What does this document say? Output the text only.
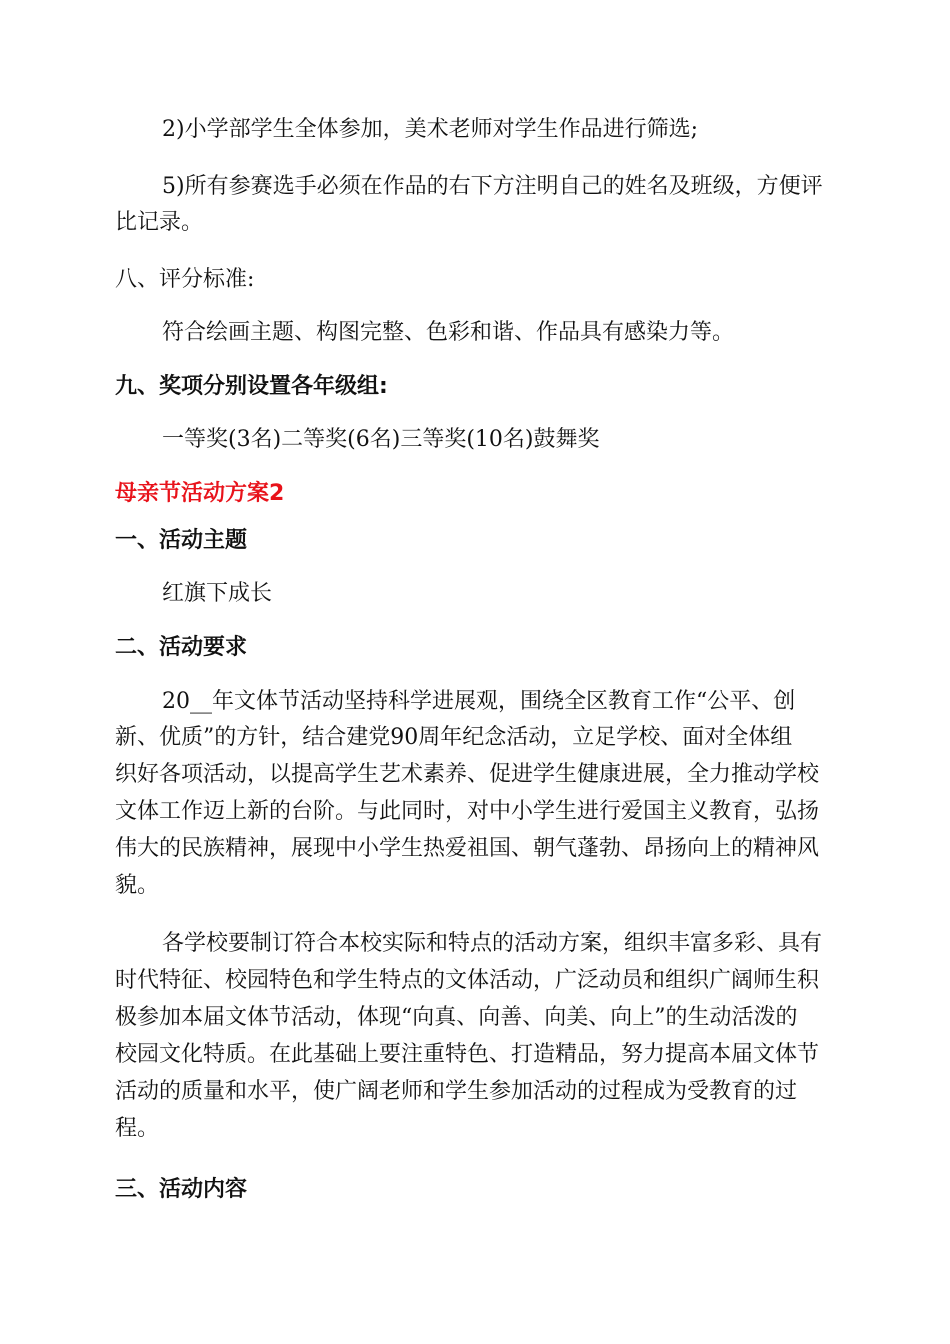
2)小学部学生全体参加，美术老师对学生作品进行筛选;
5)所有参赛选手必须在作品的右下方注明自己的姓名及班级，方便评
比记录。
八、评分标准:
符合绘画主题、构图完整、色彩和谐、作品具有感染力等。
九、奖项分别设置各年级组:
一等奖(3名)二等奖(6名)三等奖(10名)鼓舞奖
母亲节活动方案2
一、活动主题
红旗下成长
二、活动要求
20__年文体节活动坚持科学进展观，围绕全区教育工作“公平、创
新、优质”的方针，结合建党90周年纪念活动，立足学校、面对全体组
织好各项活动，以提高学生艺术素养、促进学生健康进展，全力推动学校
文体工作迈上新的台阶。与此同时，对中小学生进行爱国主义教育，弘扬
伟大的民族精神，展现中小学生热爱祖国、朝气蓬勃、昂扬向上的精神风
貌。
各学校要制订符合本校实际和特点的活动方案，组织丰富多彩、具有
时代特征、校园特色和学生特点的文体活动，广泛动员和组织广阔师生积
极参加本届文体节活动，体现“向真、向善、向美、向上”的生动活泼的
校园文化特质。在此基础上要注重特色、打造精品，努力提高本届文体节
活动的质量和水平，使广阔老师和学生参加活动的过程成为受教育的过
程。
三、活动内容
